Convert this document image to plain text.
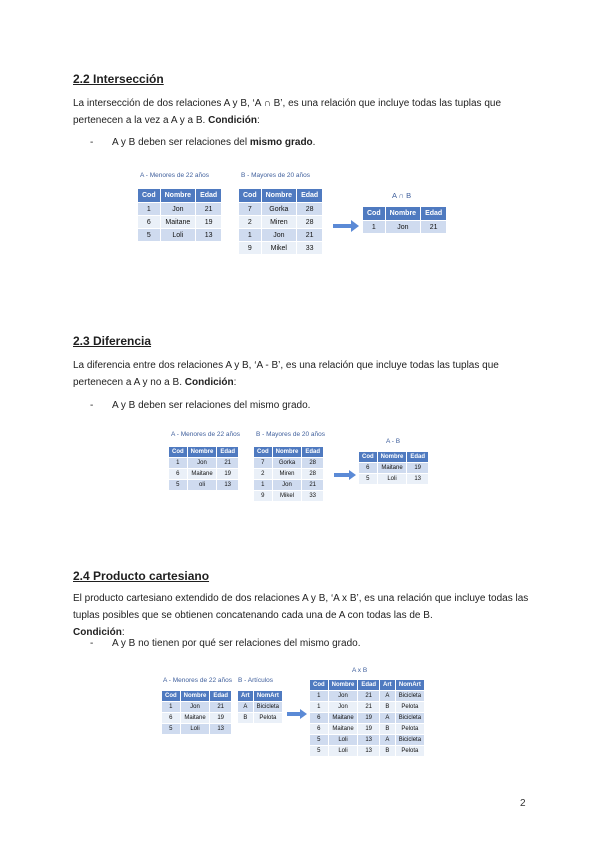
2.2 Intersección

La intersección de dos relaciones A y B, ‘A ∩ B’, es una relación que incluye todas las tuplas que pertenecen a la vez a A y a B. Condición:

- A y B deben ser relaciones del mismo grado.
A - Menores de 22 años	B - Mayores de 20 años
A ∩ B
Cod	Nombre	Edad
1	Jon	21
6	Maitane	19
5	Loli	13
Cod	Nombre	Edad
7	Gorka	28
2	Miren	28
1	Jon	21
9	Mikel	33
Cod	Nombre	Edad
1	Jon	21
2.3 Diferencia

La diferencia entre dos relaciones A y B, ‘A - B’, es una relación que incluye todas las tuplas que pertenecen a A y no a B. Condición:

- A y B deben ser relaciones del mismo grado.
A - Menores de 22 años B - Mayores de 20 años
A - B
Cod	Nombre	Edad
1	Jon	21
6	Maitane	19
5	oli	13
Cod	Nombre	Edad
7	Gorka	28
2	Miren	28
1	Jon	21
9	Mikel	33
Cod	Nombre	Edad
6	Maitane	19
5	Loli	13
2.4 Producto cartesiano

El producto cartesiano extendido de dos relaciones A y B, ‘A x B’, es una relación que incluye todas las tuplas posibles que se obtienen concatenando cada una de A con todas las de B.
Condición:

- A y B no tienen por qué ser relaciones del mismo grado.
A - Menores de 22 años B - Artículos
A x B
Cod	Nombre	Edad
1	Jon	21
6	Maitane	19
5	Loli	13
Art	NomArt
A	Bicicleta
B	Pelota
Cod	Nombre	Edad	Art	NomArt
1	Jon	21	A	Bicicleta
1	Jon	21	B	Pelota
6	Maitane	19	A	Bicicleta
6	Maitane	19	B	Pelota
5	Loli	13	A	Bicicleta
5	Loli	13	B	Pelota
2
